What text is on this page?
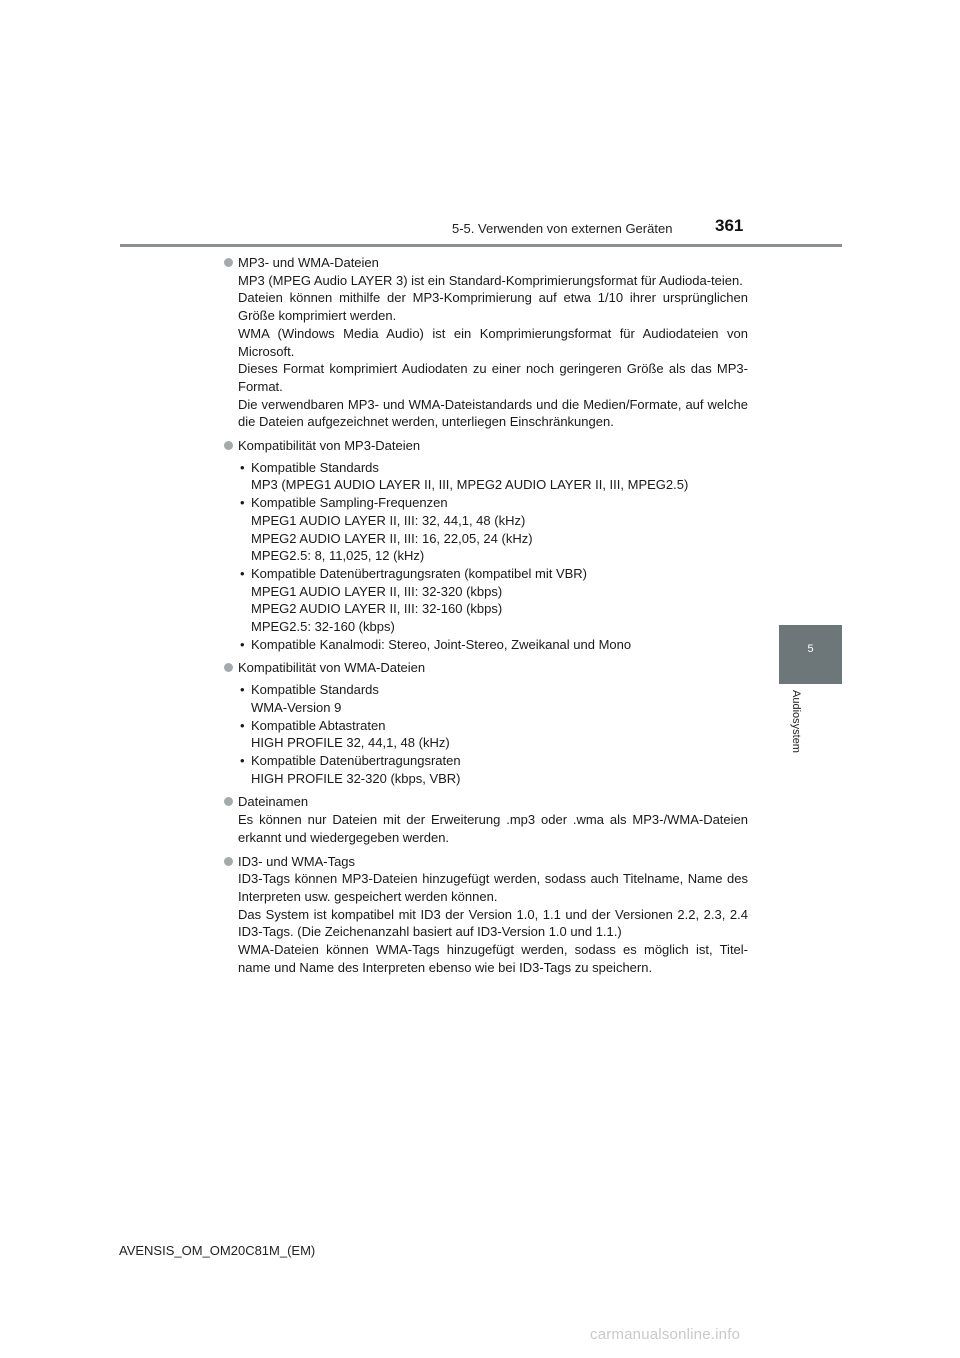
5-5. Verwenden von externen Geräten	361
5
Audiosystem

MP3- und WMA-Dateien

MP3 (MPEG Audio LAYER 3) ist ein Standard-Komprimierungsformat für Audioda-teien.

Dateien können mithilfe der MP3-Komprimierung auf etwa 1/10 ihrer ursprünglichen Größe komprimiert werden.

WMA (Windows Media Audio) ist ein Komprimierungsformat für Audiodateien von Microsoft.

Dieses Format komprimiert Audiodaten zu einer noch geringeren Größe als das MP3-Format.

Die verwendbaren MP3- und WMA-Dateistandards und die Medien/Formate, auf welche die Dateien aufgezeichnet werden, unterliegen Einschränkungen.

Kompatibilität von MP3-Dateien

• Kompatible Standards
MP3 (MPEG1 AUDIO LAYER II, III, MPEG2 AUDIO LAYER II, III, MPEG2.5)
• Kompatible Sampling-Frequenzen
MPEG1 AUDIO LAYER II, III: 32, 44,1, 48 (kHz)
MPEG2 AUDIO LAYER II, III: 16, 22,05, 24 (kHz)
MPEG2.5: 8, 11,025, 12 (kHz)
• Kompatible Datenübertragungsraten (kompatibel mit VBR)
MPEG1 AUDIO LAYER II, III: 32-320 (kbps)
MPEG2 AUDIO LAYER II, III: 32-160 (kbps)
MPEG2.5: 32-160 (kbps)
• Kompatible Kanalmodi: Stereo, Joint-Stereo, Zweikanal und Mono

Kompatibilität von WMA-Dateien

• Kompatible Standards
WMA-Version 9
• Kompatible Abtastraten
HIGH PROFILE 32, 44,1, 48 (kHz)
• Kompatible Datenübertragungsraten
HIGH PROFILE 32-320 (kbps, VBR)

Dateinamen

Es können nur Dateien mit der Erweiterung .mp3 oder .wma als MP3-/WMA-Dateien erkannt und wiedergegeben werden.

ID3- und WMA-Tags

ID3-Tags können MP3-Dateien hinzugefügt werden, sodass auch Titelname, Name des Interpreten usw. gespeichert werden können.

Das System ist kompatibel mit ID3 der Version 1.0, 1.1 und der Versionen 2.2, 2.3, 2.4 ID3-Tags. (Die Zeichenanzahl basiert auf ID3-Version 1.0 und 1.1.)

WMA-Dateien können WMA-Tags hinzugefügt werden, sodass es möglich ist, Titel-name und Name des Interpreten ebenso wie bei ID3-Tags zu speichern.

AVENSIS_OM_OM20C81M_(EM)
carmanualsonline.info
